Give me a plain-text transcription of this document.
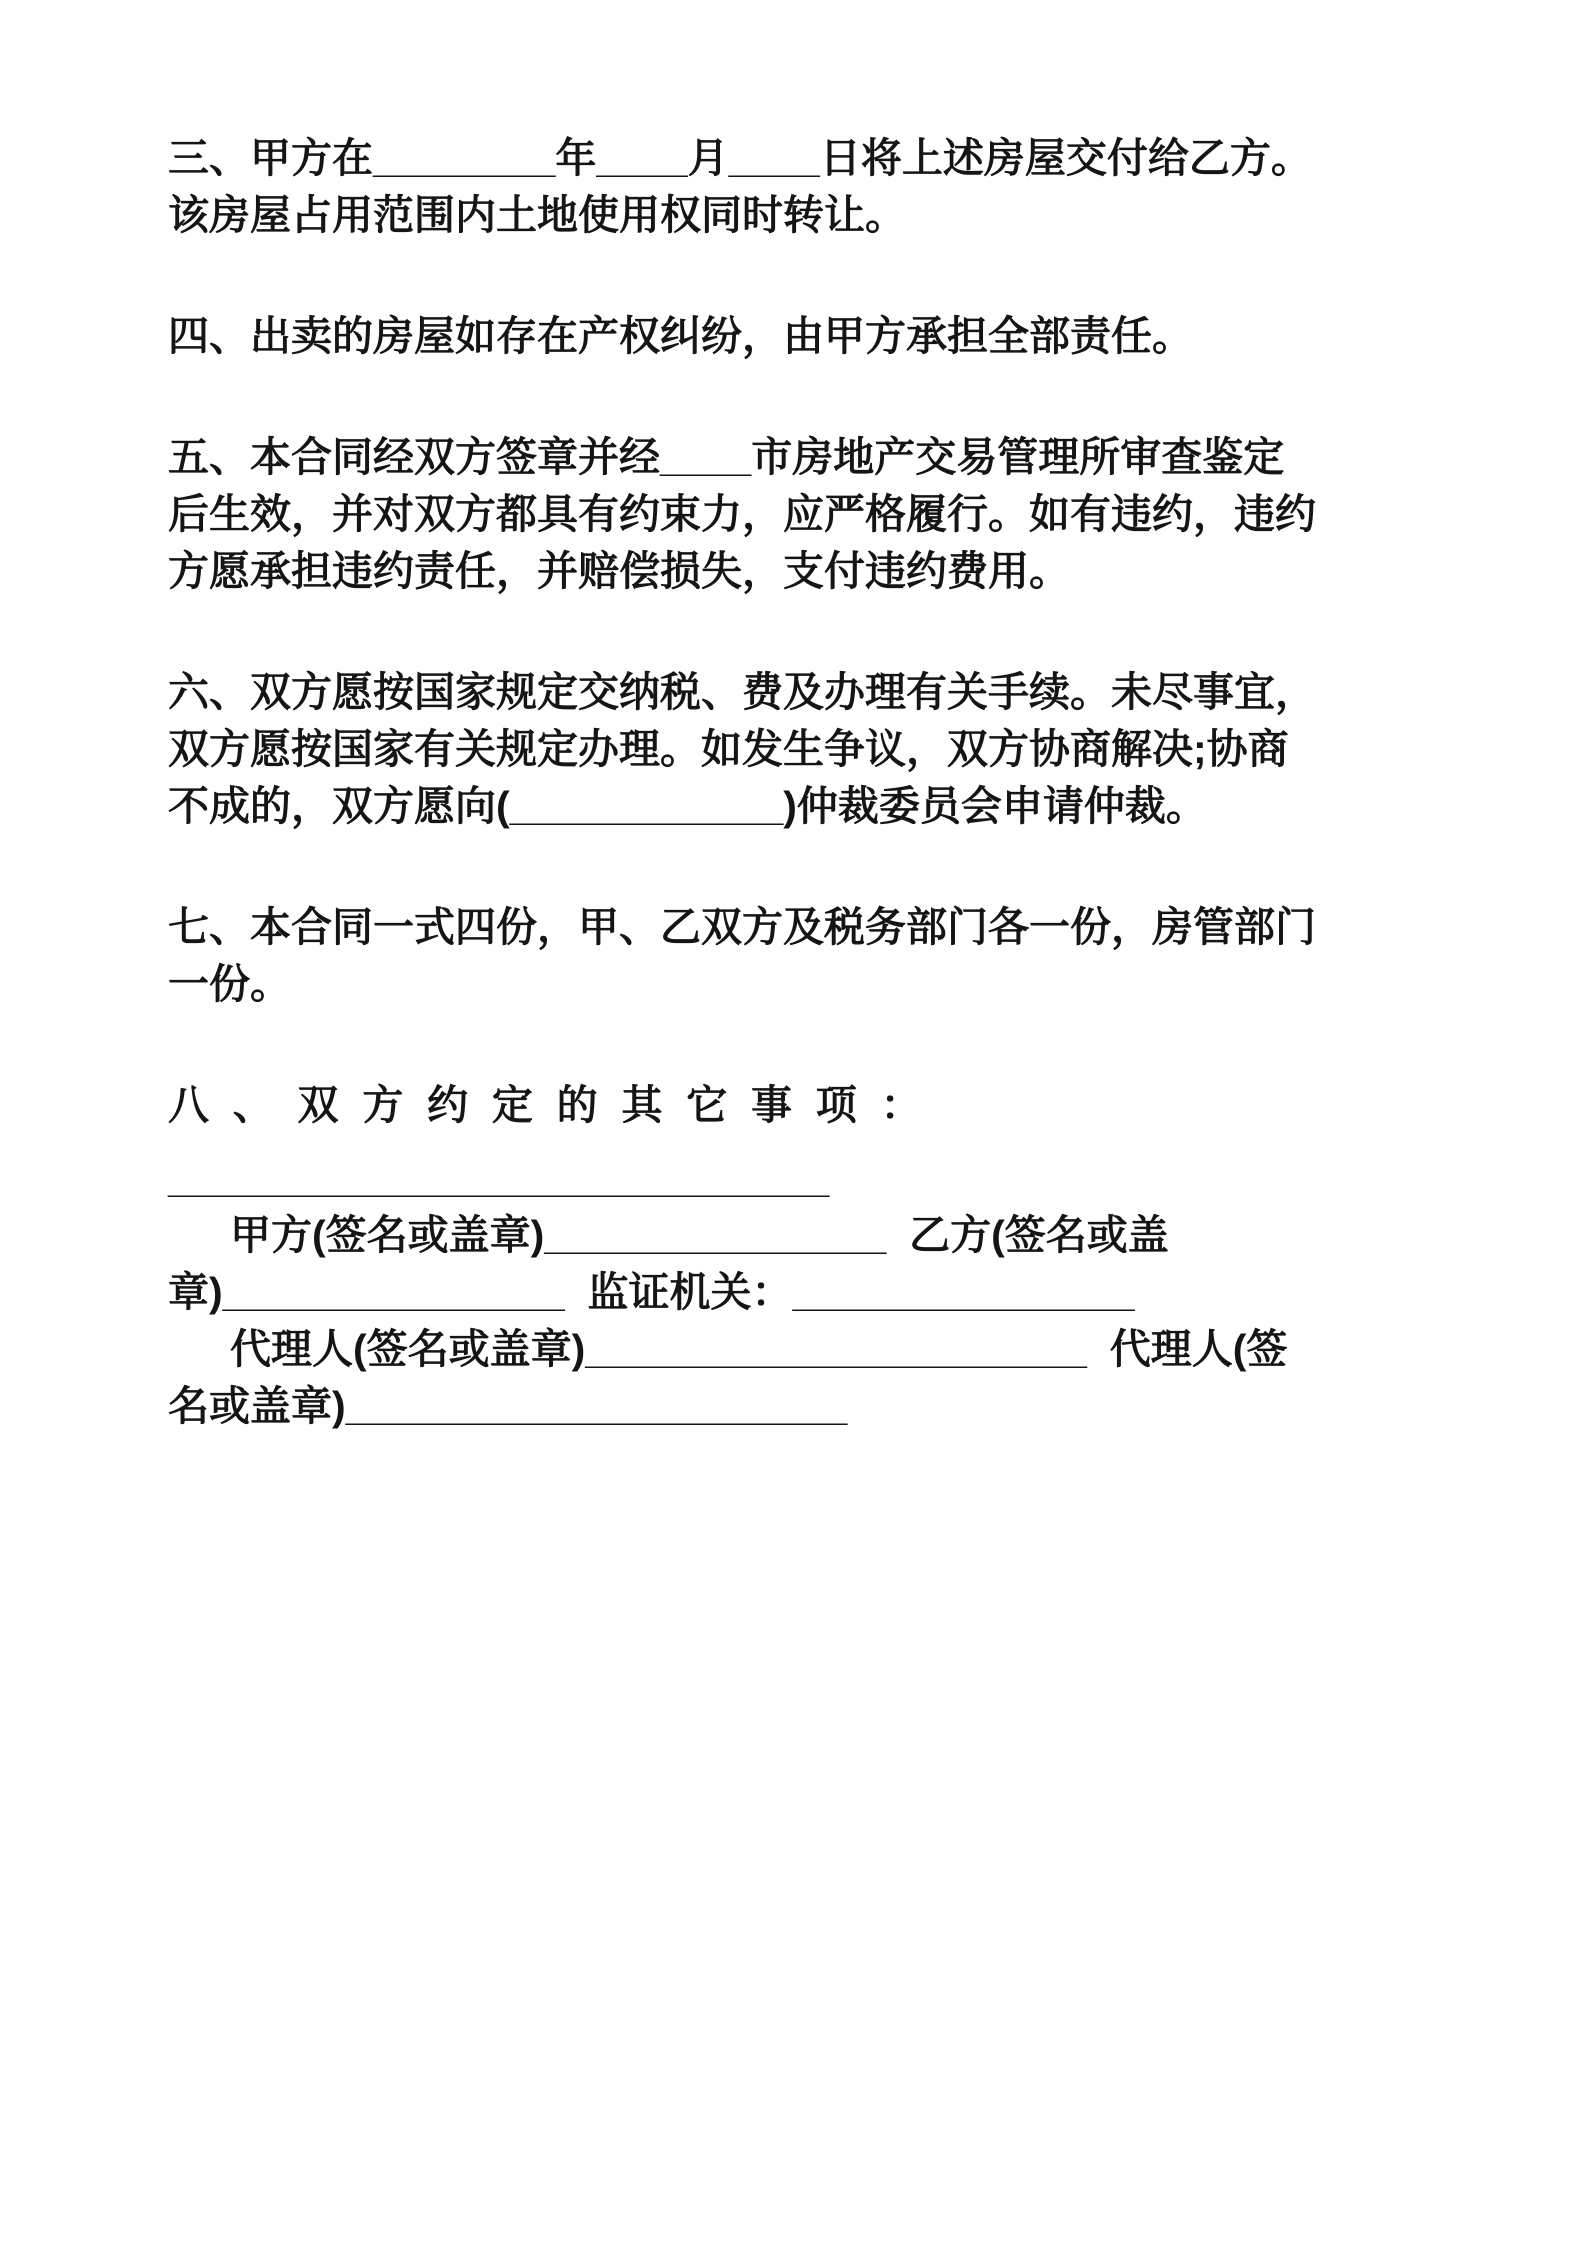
三、甲方在________年____月____日将上述房屋交付给乙方。
该房屋占用范围内土地使用权同时转让。
四、出卖的房屋如存在产权纠纷，由甲方承担全部责任。
五、本合同经双方签章并经____市房地产交易管理所审查鉴定
后生效，并对双方都具有约束力，应严格履行。如有违约，违约
方愿承担违约责任，并赔偿损失，支付违约费用。
六、双方愿按国家规定交纳税、费及办理有关手续。未尽事宜，
双方愿按国家有关规定办理。如发生争议，双方协商解决;协商
不成的，双方愿向(____________)仲裁委员会申请仲裁。
七、本合同一式四份，甲、乙双方及税务部门各一份，房管部门
一份。
八、双方约定的其它事项：
_____________________________
甲方(签名或盖章)_______________  乙方(签名或盖
章)_______________  监证机关：_______________
代理人(签名或盖章)______________________  代理人(签
名或盖章)______________________
